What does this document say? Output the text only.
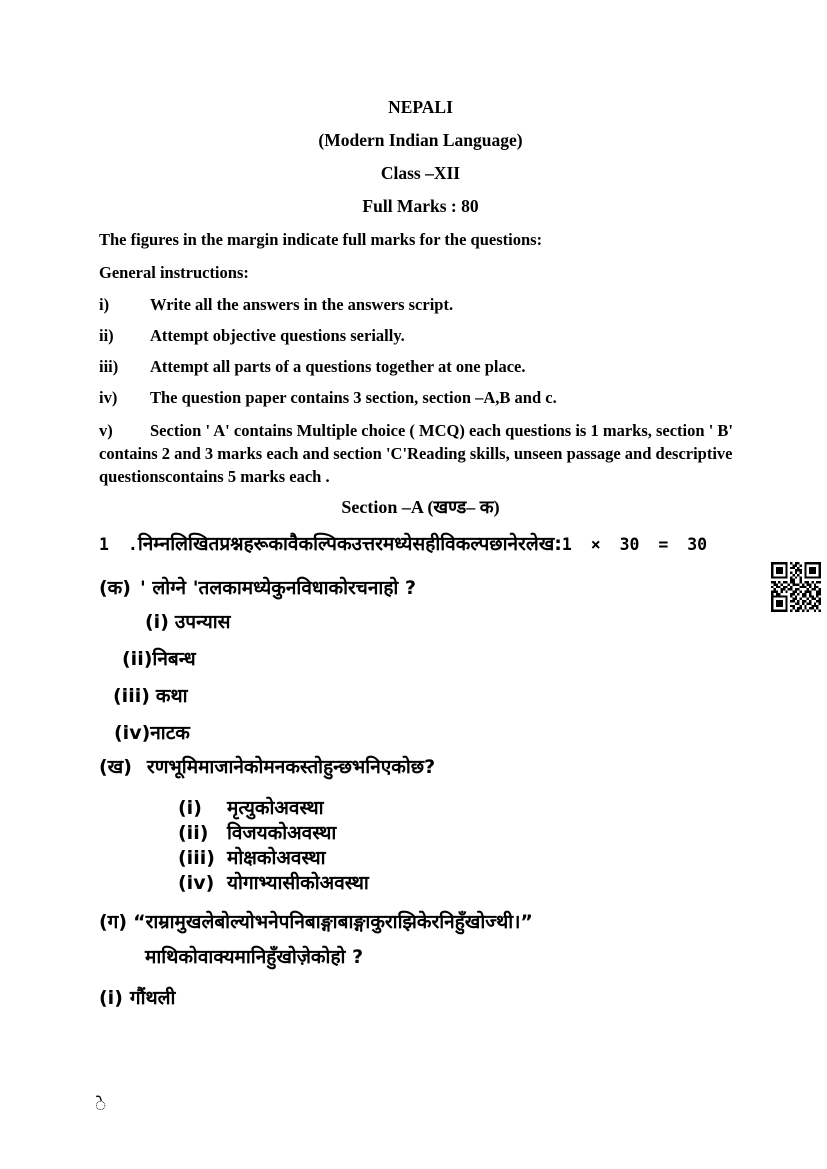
NEPALI
(Modern Indian Language)
Class –XII
Full Marks : 80

The figures in the margin indicate full marks for the questions:

General instructions:

i)	Write all the answers in the answers script.
ii)	Attempt objective questions serially.
iii)	Attempt all parts of a questions together at one place.
iv)	The question paper contains 3 section, section –A,B and c.

v) Section ' A' contains Multiple choice ( MCQ) each questions is 1 marks, section ' B' contains 2 and 3 marks each and section 'C'Reading skills, unseen passage and descriptive questionscontains 5 marks each .

Section –A (खण्ड– क)
1 .निम्नलिखितप्रश्नहरूकावैकल्पिकउत्तरमध्येसहीविकल्पछानेरलेख:1 × 30 = 30
(क) ' लोग्ने 'तलकामध्येकुनविधाकोरचनाहो ?
(i) उपन्यास
(ii)निबन्ध
(iii) कथा
(iv)नाटक
(ख) रणभूमिमाजानेकोमनकस्तोहुन्छभनिएकोछ?
(i)	मृत्युकोअवस्था
(ii) विजयकोअवस्था
(iii) मोक्षकोअवस्था
(iv) योगाभ्यासीकोअवस्था
(ग) “राम्रामुखलेबोल्योभनेपनिबाङ्गाबाङ्गाकुराझिकेरनिहुँखोज्थी।”
माथिकोवाक्यमानिहुँखोज़ेकोहो ?
(i) गौंथली
े
